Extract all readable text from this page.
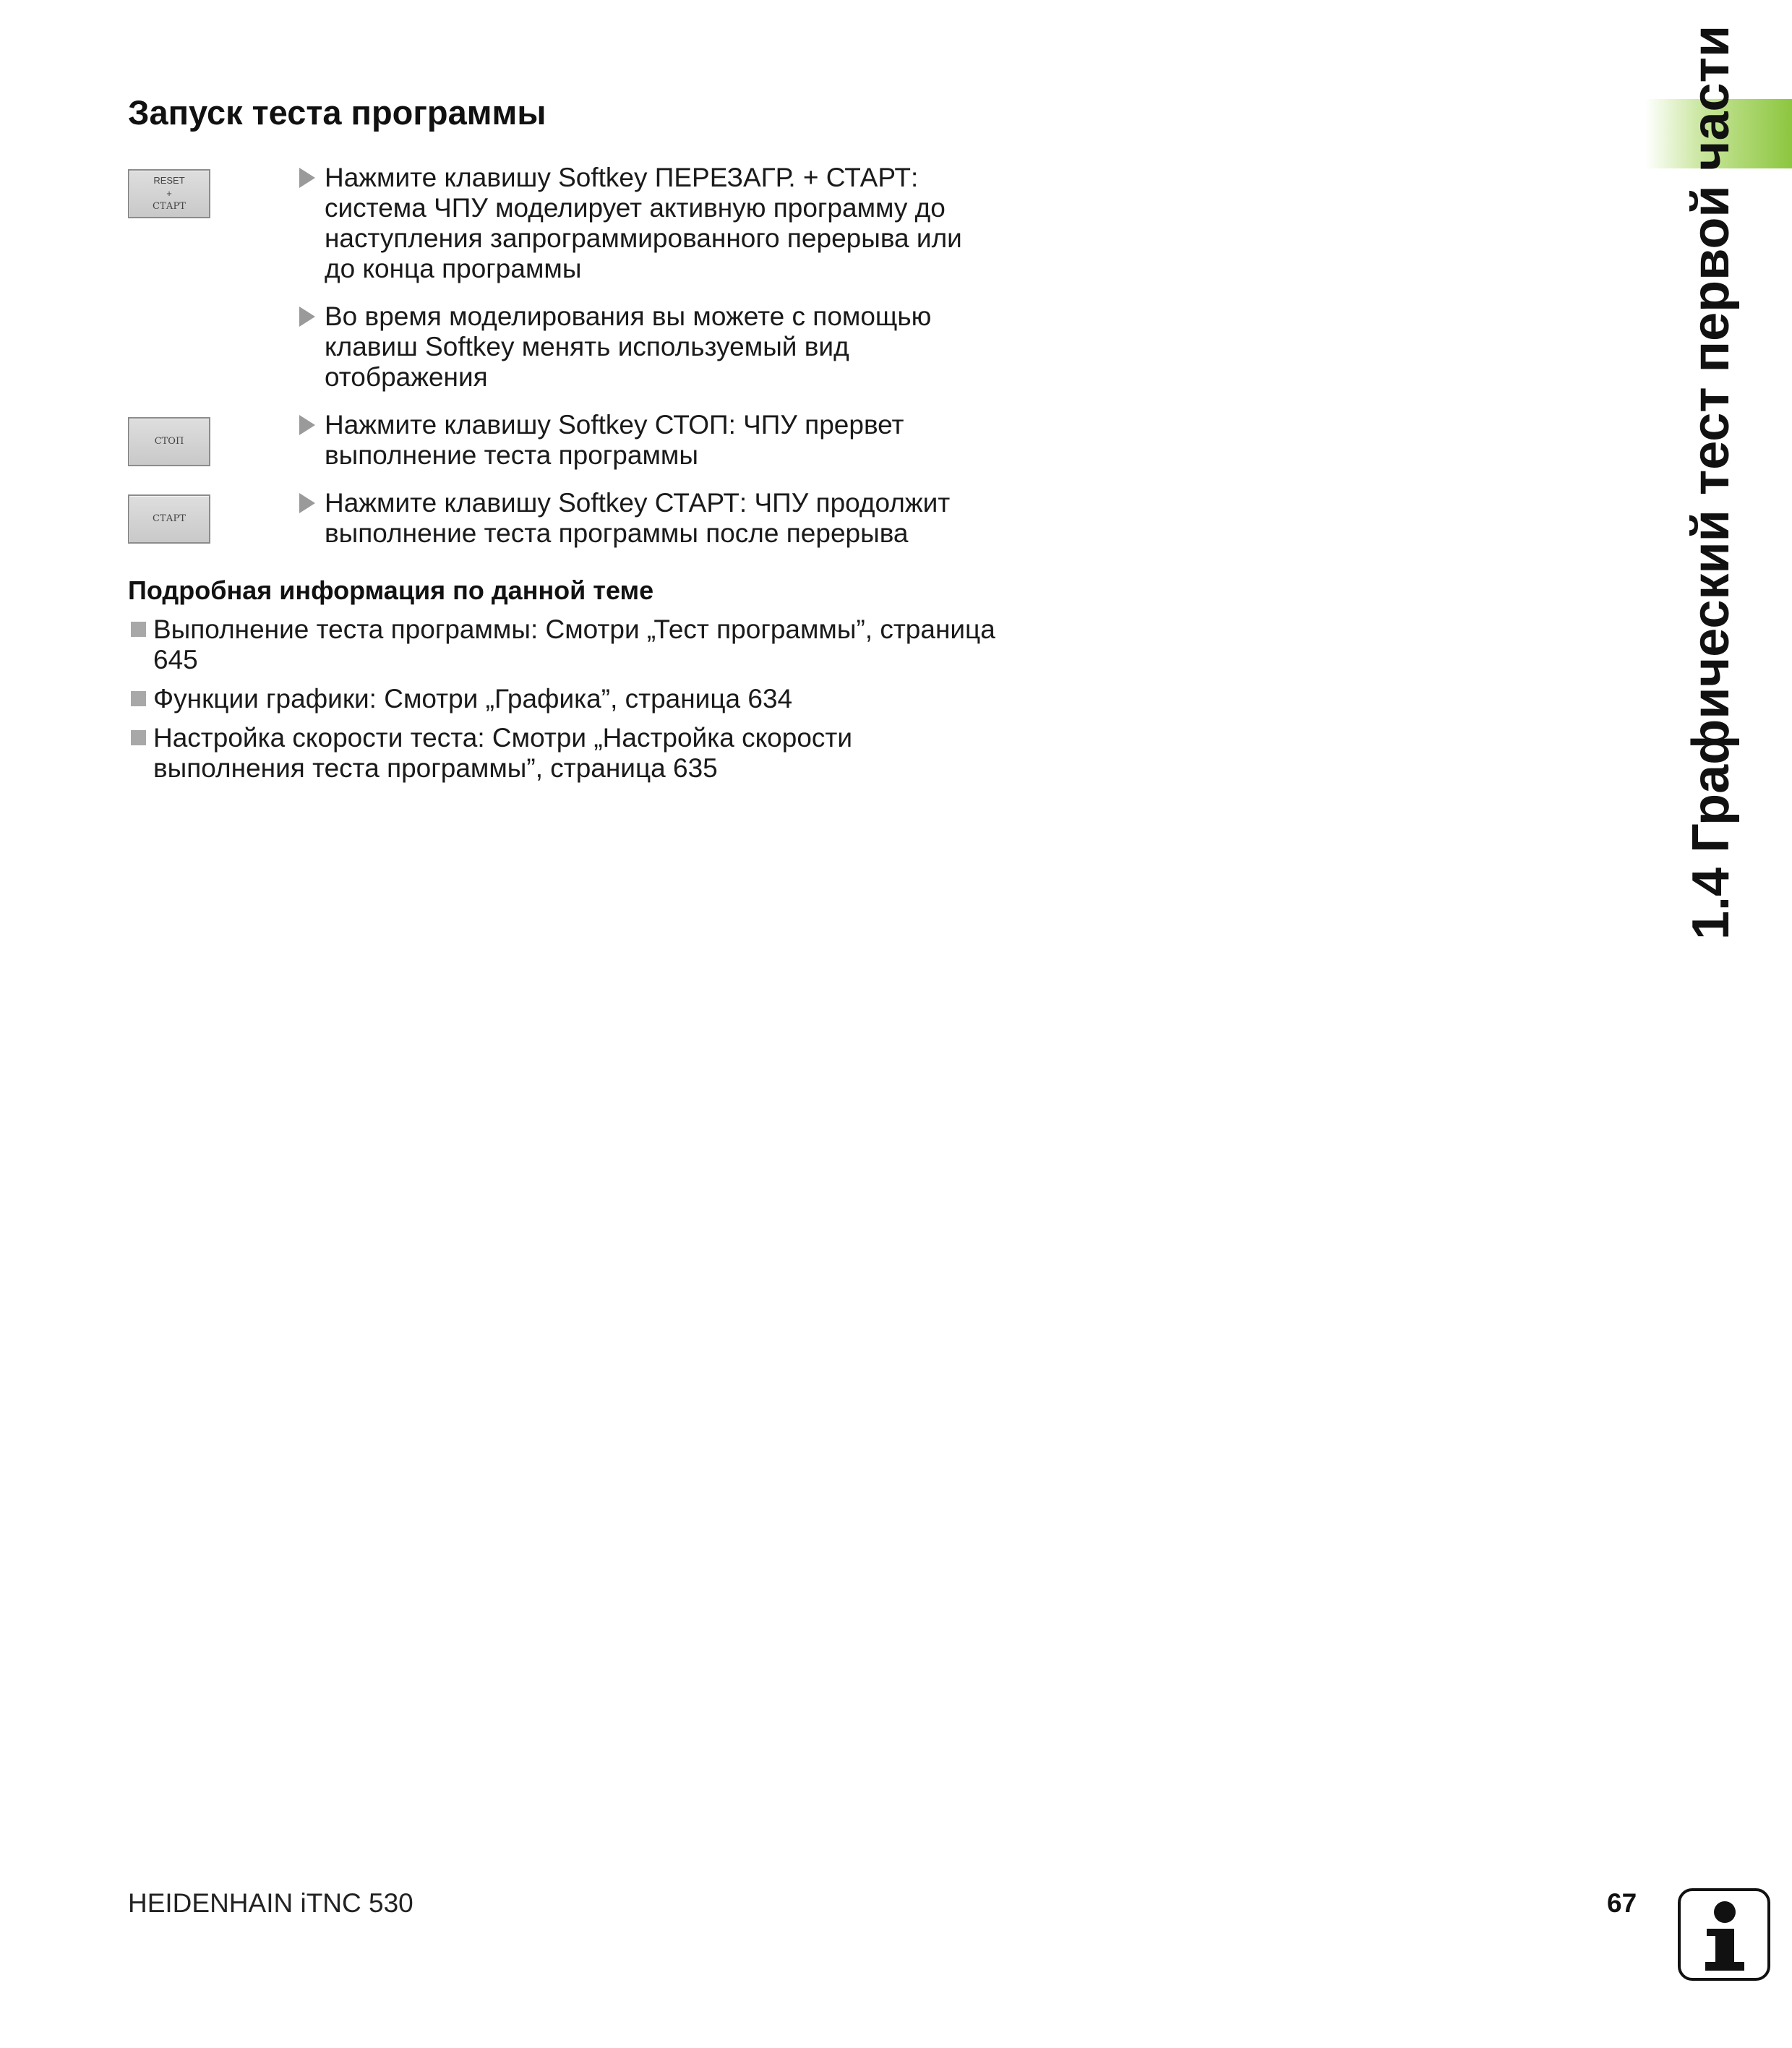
Запуск теста программы
RESET
+
СТАРТ
СТОП
СТАРТ

Нажмите клавишу Softkey ПЕРЕЗАГР. + СТАРТ: система ЧПУ моделирует активную программу до наступления запрограммированного перерыва или до конца программы

Во время моделирования вы можете с помощью клавиш Softkey менять используемый вид отображения

Нажмите клавишу Softkey СТОП: ЧПУ прервет выполнение теста программы

Нажмите клавишу Softkey СТАРТ: ЧПУ продолжит выполнение теста программы после перерыва

Подробная информация по данной теме
Выполнение теста программы: Смотри „Тест программы”, страница 645
Функции графики: Смотри „Графика”, страница 634
Настройка скорости теста: Смотри „Настройка скорости выполнения теста программы”, страница 635	1.4 Графический тест первой части
HEIDENHAIN iTNC 530	67
